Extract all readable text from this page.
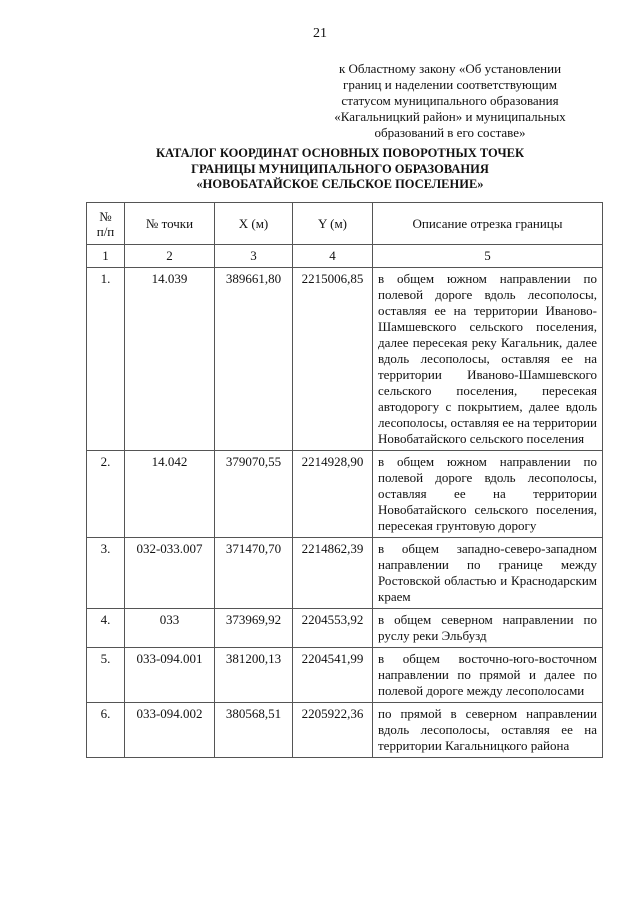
21
к Областному закону «Об установлении
границ и наделении соответствующим
статусом муниципального образования
«Кагальницкий район» и муниципальных
образований в его составе»
КАТАЛОГ КООРДИНАТ ОСНОВНЫХ ПОВОРОТНЫХ ТОЧЕК
ГРАНИЦЫ МУНИЦИПАЛЬНОГО ОБРАЗОВАНИЯ
«НОВОБАТАЙСКОЕ СЕЛЬСКОЕ ПОСЕЛЕНИЕ»
№
п/п	№ точки	X (м)	Y (м)	Описание отрезка границы
1	2	3	4	5
1.	14.039	389661,80	2215006,85	в общем южном направлении по полевой дороге вдоль лесополосы, оставляя ее на территории Иваново-Шамшевского сельского поселения, далее пересекая реку Кагальник, далее вдоль лесополосы, оставляя ее на территории Иваново-Шамшевского сельского поселения, пересекая автодорогу с покрытием, далее вдоль лесополосы, оставляя ее на территории Новобатайского сельского поселения
2.	14.042	379070,55	2214928,90	в общем южном направлении по полевой дороге вдоль лесополосы, оставляя ее на территории Новобатайского сельского поселения, пересекая грунтовую дорогу
3.	032-033.007	371470,70	2214862,39	в общем западно-северо-западном направлении по границе между Ростовской областью и Краснодарским краем
4.	033	373969,92	2204553,92	в общем северном направлении по руслу реки Эльбузд
5.	033-094.001	381200,13	2204541,99	в общем восточно-юго-восточном направлении по прямой и далее по полевой дороге между лесополосами
6.	033-094.002	380568,51	2205922,36	по прямой в северном направлении вдоль лесополосы, оставляя ее на территории Кагальницкого района
